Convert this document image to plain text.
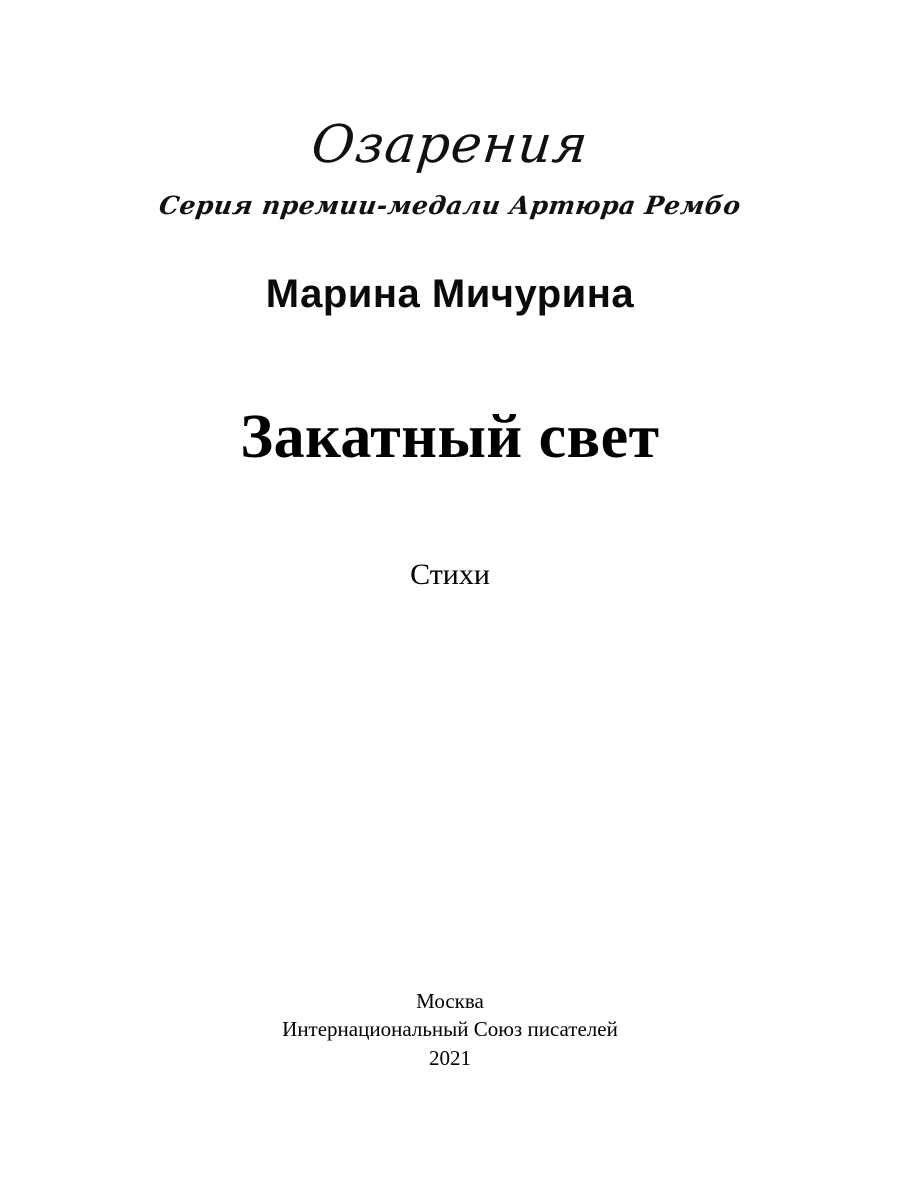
Озарения
Серия премии-медали Артюра Рембо
Марина Мичурина
Закатный свет
Стихи
Москва
Интернациональный Союз писателей
2021
